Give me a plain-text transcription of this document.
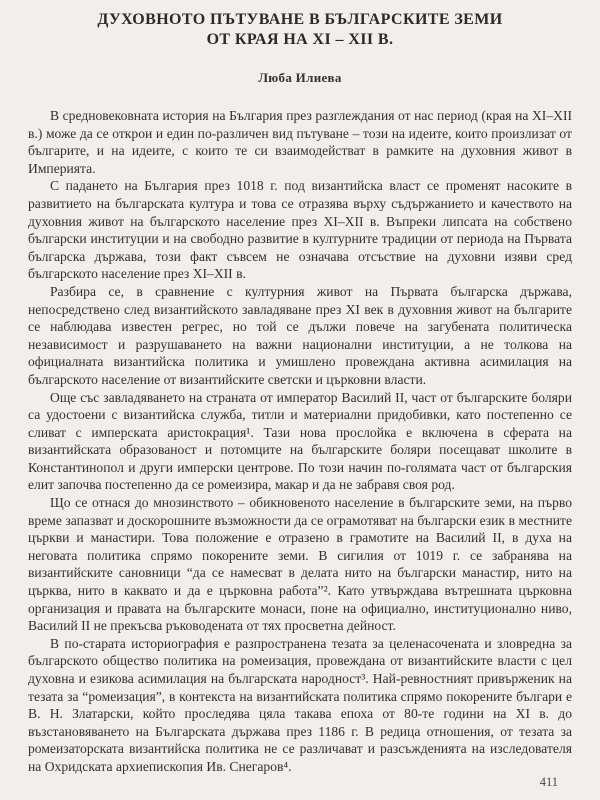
ДУХОВНОТО ПЪТУВАНЕ В БЪЛГАРСКИТЕ ЗЕМИ
ОТ КРАЯ НА XI – XII В.
Люба Илиева

В средновековната история на България през разглеждания от нас период (края на XI–XII в.) може да се открои и един по-различен вид пътуване – този на идеите, които произлизат от българите, и на идеите, с които те си взаимодействат в рамките на духовния живот в Империята.

С падането на България през 1018 г. под византийска власт се променят насоките в развитието на българската култура и това се отразява върху съдържанието и качеството на духовния живот на българското население през XI–XII в. Въпреки липсата на собствено български институции и на свободно развитие в културните традиции от периода на Първата българска държава, този факт съвсем не означава отсъствие на духовни изяви сред българското население през XI–XII в.

Разбира се, в сравнение с културния живот на Първата българска държава, непосредствено след византийското завладяване през XI век в духовния живот на българите се наблюдава известен регрес, но той се дължи повече на загубената политическа независимост и разрушаването на важни национални институции, а не толкова на официалната византийска политика и умишлено провеждана активна асимилация на българското население от византийските светски и църковни власти.

Още със завладяването на страната от император Василий II, част от българските боляри са удостоени с византийска служба, титли и материални придобивки, като постепенно се сливат с имперската аристокрация¹. Тази нова прослойка е включена в сферата на византийската образованост и потомците на българските боляри посещават школите в Константинопол и други имперски центрове. По този начин по-голямата част от българския елит започва постепенно да се ромеизира, макар и да не забравя своя род.

Що се отнася до мнозинството – обикновеното население в българските земи, на първо време запазват и доскорошните възможности да се ограмотяват на български език в местните църкви и манастири. Това положение е отразено в грамотите на Василий II, в духа на неговата политика спрямо покорените земи. В сигилия от 1019 г. се забранява на византийските сановници “да се намесват в делата нито на български манастир, нито на църква, нито в каквато и да е църковна работа”². Като утвърждава вътрешната църковна организация и правата на българските монаси, поне на официално, институционално ниво, Василий II не прекъсва ръководената от тях просветна дейност.

В по-старата историография е разпространена тезата за целенасочената и зловредна за българското общество политика на ромеизация, провеждана от византийските власти с цел духовна и езикова асимилация на българската народност³. Най-ревностният привърженик на тезата за “ромеизация”, в контекста на византийската политика спрямо покорените българи е В. Н. Златарски, който проследява цяла такава епоха от 80-те години на XI в. до възстановяването на Българската държава през 1186 г. В редица отношения, от тезата за ромеизаторската византийска политика не се различават и разсъжденията на изследователя на Охридската архиепископия Ив. Снегаров⁴.

411
